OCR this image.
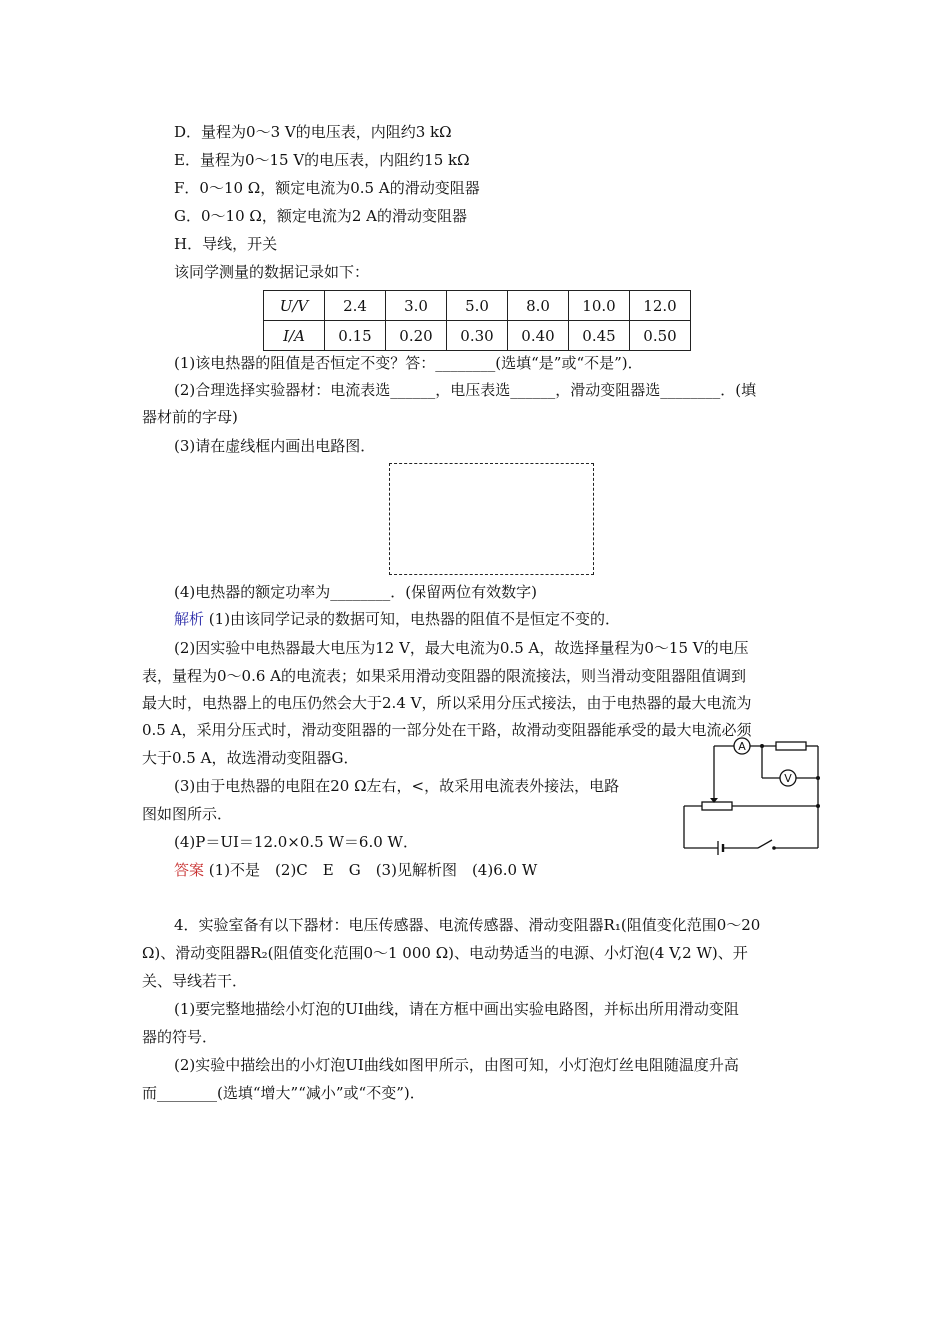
D．量程为0～3 V的电压表，内阻约3 kΩ
E．量程为0～15 V的电压表，内阻约15 kΩ
F．0～10 Ω，额定电流为0.5 A的滑动变阻器
G．0～10 Ω，额定电流为2 A的滑动变阻器
H．导线，开关
该同学测量的数据记录如下：
U/V	2.4	3.0	5.0	8.0	10.0	12.0
I/A	0.15	0.20	0.30	0.40	0.45	0.50
(1)该电热器的阻值是否恒定不变？答：________(选填“是”或“不是”)．
(2)合理选择实验器材：电流表选______，电压表选______，滑动变阻器选________．(填
器材前的字母)
(3)请在虚线框内画出电路图．
(4)电热器的额定功率为________．(保留两位有效数字)
解析 (1)由该同学记录的数据可知，电热器的阻值不是恒定不变的．
(2)因实验中电热器最大电压为12 V，最大电流为0.5 A，故选择量程为0～15 V的电压
表，量程为0～0.6 A的电流表；如果采用滑动变阻器的限流接法，则当滑动变阻器阻值调到
最大时，电热器上的电压仍然会大于2.4 V，所以采用分压式接法，由于电热器的最大电流为
0.5 A，采用分压式时，滑动变阻器的一部分处在干路，故滑动变阻器能承受的最大电流必须
大于0.5 A，故选滑动变阻器G．
(3)由于电热器的电阻在20 Ω左右，<，故采用电流表外接法，电路
图如图所示．
(4)P＝UI＝12.0×0.5 W＝6.0 W．
答案 (1)不是　(2)C　E　G　(3)见解析图　(4)6.0 W
A
V
4．实验室备有以下器材：电压传感器、电流传感器、滑动变阻器R₁(阻值变化范围0～20
Ω)、滑动变阻器R₂(阻值变化范围0～1 000 Ω)、电动势适当的电源、小灯泡(4 V,2 W)、开
关、导线若干．
(1)要完整地描绘小灯泡的UI曲线，请在方框中画出实验电路图，并标出所用滑动变阻
器的符号．
(2)实验中描绘出的小灯泡UI曲线如图甲所示，由图可知，小灯泡灯丝电阻随温度升高
而________(选填“增大”“减小”或“不变”)．
